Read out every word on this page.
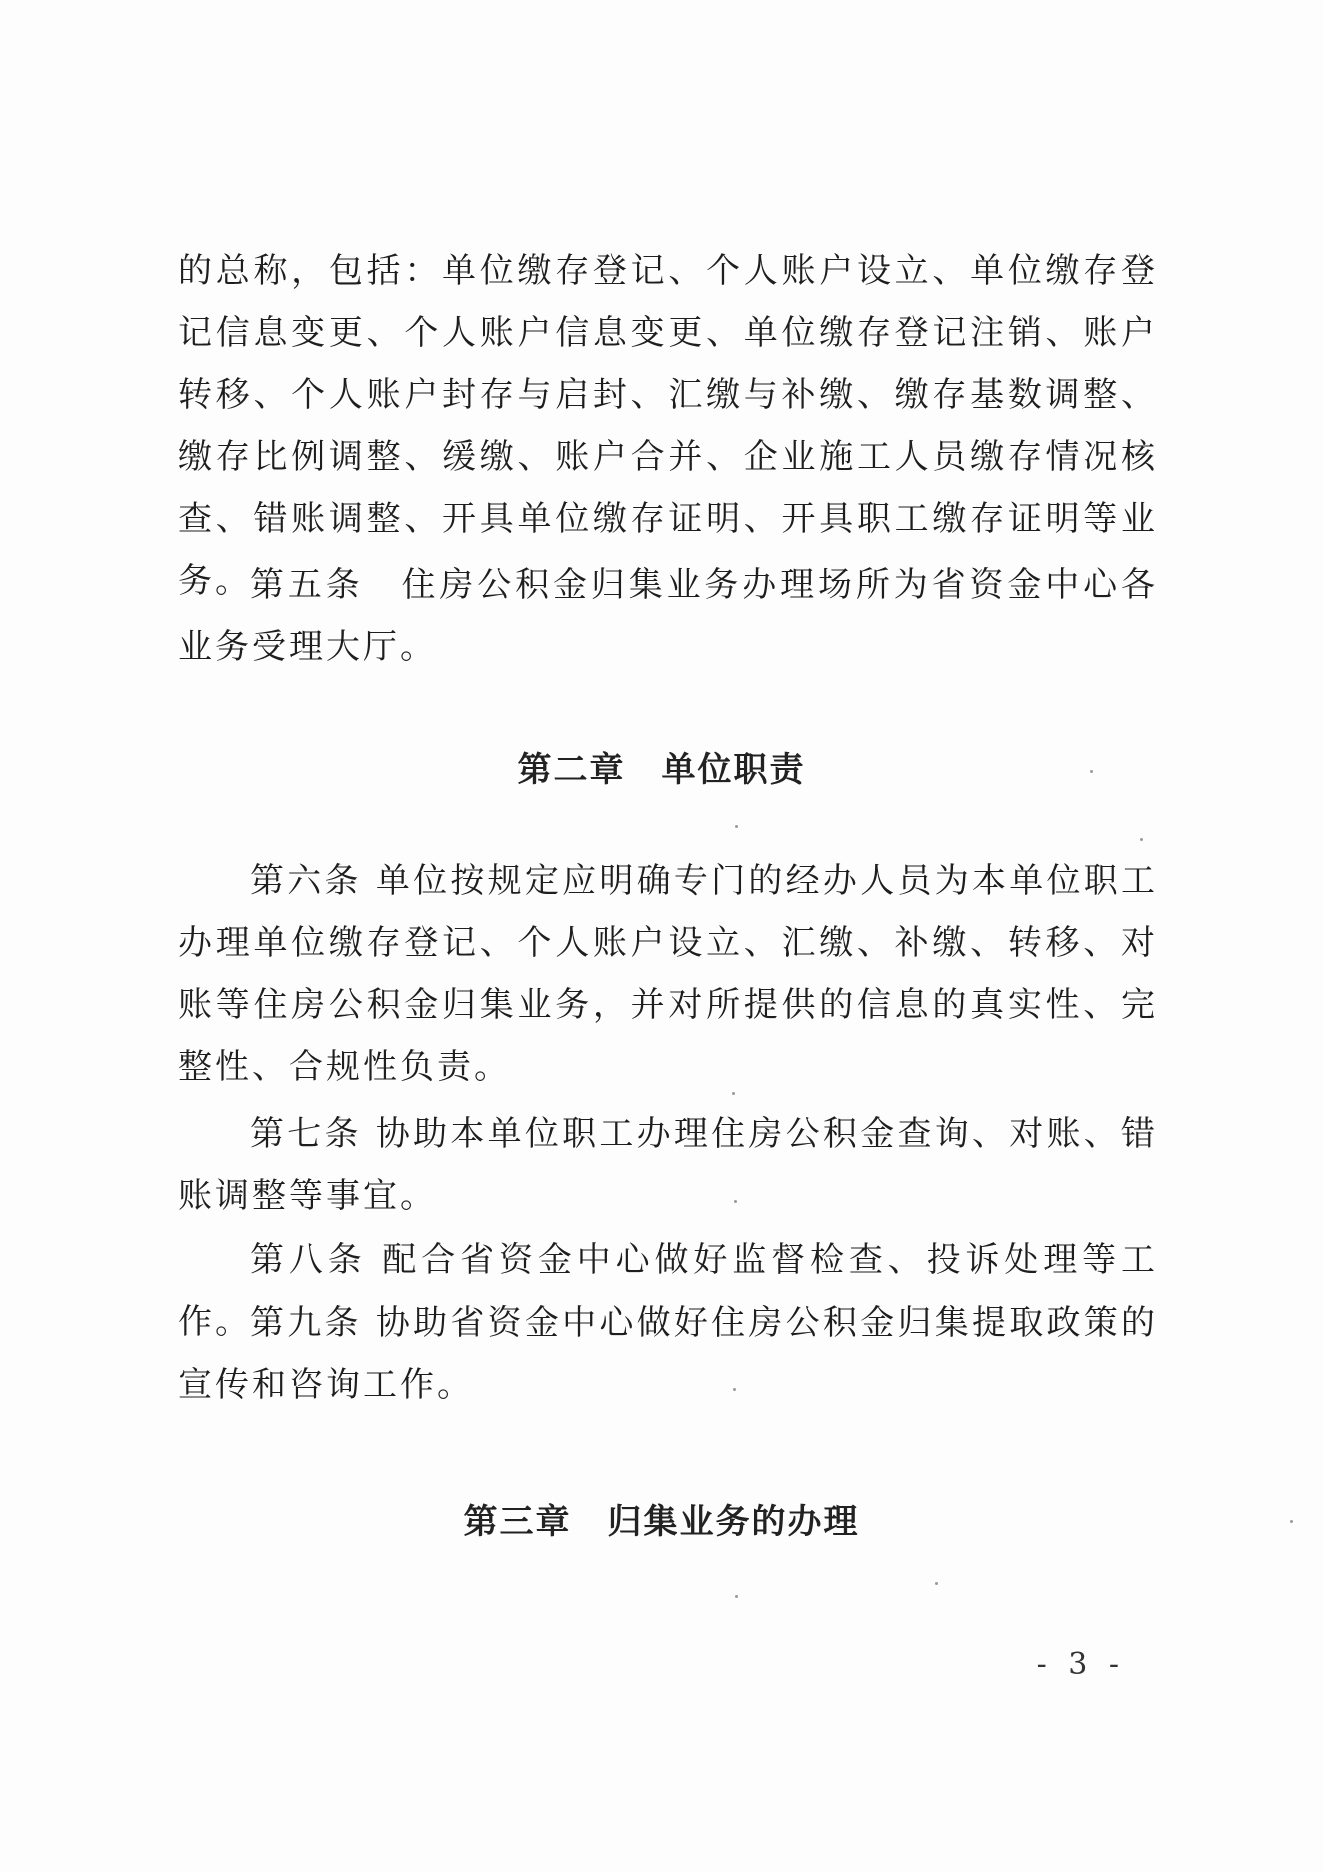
的总称，包括：单位缴存登记、个人账户设立、单位缴存登记信息变更、个人账户信息变更、单位缴存登记注销、账户转移、个人账户封存与启封、汇缴与补缴、缴存基数调整、缴存比例调整、缓缴、账户合并、企业施工人员缴存情况核查、错账调整、开具单位缴存证明、开具职工缴存证明等业务。

第五条　住房公积金归集业务办理场所为省资金中心各业务受理大厅。

第二章 单位职责

第六条 单位按规定应明确专门的经办人员为本单位职工办理单位缴存登记、个人账户设立、汇缴、补缴、转移、对账等住房公积金归集业务，并对所提供的信息的真实性、完整性、合规性负责。

第七条 协助本单位职工办理住房公积金查询、对账、错账调整等事宜。

第八条 配合省资金中心做好监督检查、投诉处理等工作。

第九条 协助省资金中心做好住房公积金归集提取政策的宣传和咨询工作。

第三章 归集业务的办理
- 3 -
